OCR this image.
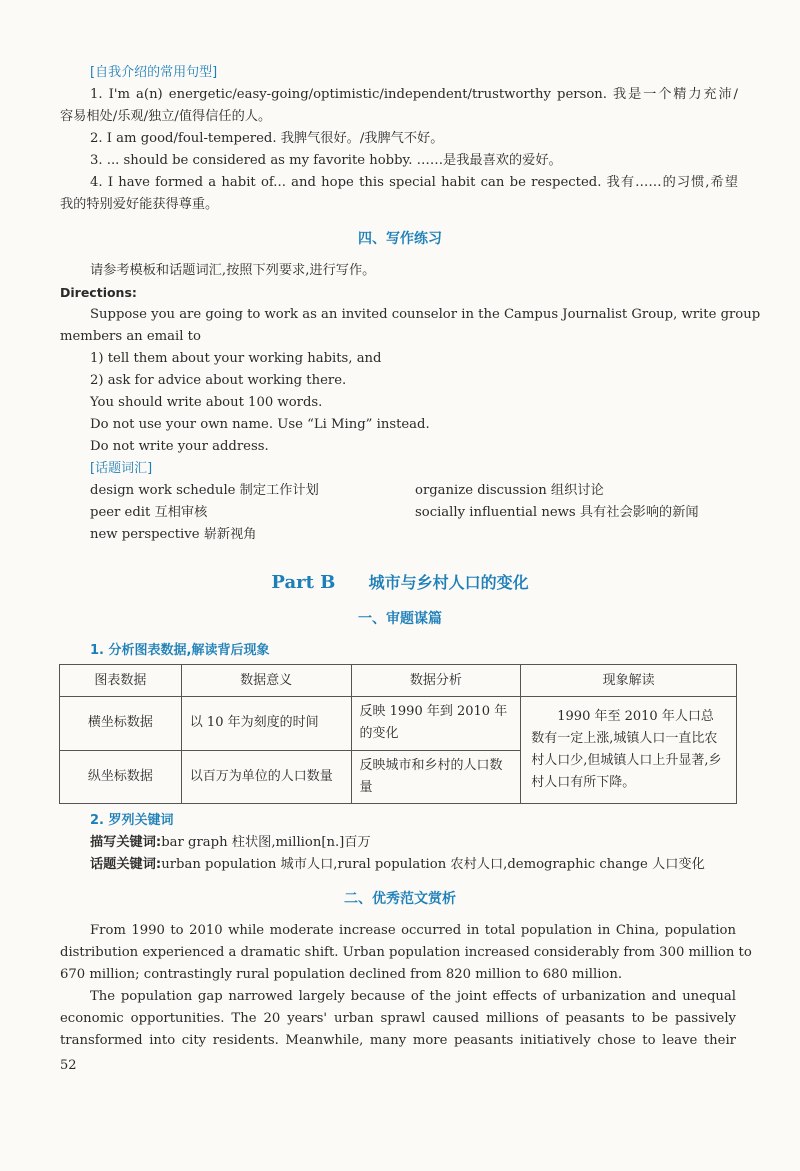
[自我介绍的常用句型]
1. I'm a(n) energetic/easy-going/optimistic/independent/trustworthy person. 我是一个精力充沛/
容易相处/乐观/独立/值得信任的人。
2. I am good/foul-tempered. 我脾气很好。/我脾气不好。
3. ... should be considered as my favorite hobby. ……是我最喜欢的爱好。
4. I have formed a habit of... and hope this special habit can be respected. 我有……的习惯,希望
我的特别爱好能获得尊重。
四、写作练习
请参考模板和话题词汇,按照下列要求,进行写作。
Directions:
Suppose you are going to work as an invited counselor in the Campus Journalist Group, write group
members an email to
1) tell them about your working habits, and
2) ask for advice about working there.
You should write about 100 words.
Do not use your own name. Use “Li Ming” instead.
Do not write your address.
[话题词汇]
design work schedule 制定工作计划	organize discussion 组织讨论
peer edit 互相审核	socially influential news 具有社会影响的新闻
new perspective 崭新视角
Part B 城市与乡村人口的变化
一、审题谋篇
1. 分析图表数据,解读背后现象
图表数据	数据意义	数据分析	现象解读
横坐标数据	以 10 年为刻度的时间	反映 1990 年到 2010 年的变化	1990 年至 2010 年人口总数有一定上涨,城镇人口一直比农村人口少,但城镇人口上升显著,乡村人口有所下降。
纵坐标数据	以百万为单位的人口数量	反映城市和乡村的人口数量	
2. 罗列关键词
描写关键词:bar graph 柱状图,million[n.]百万
话题关键词:urban population 城市人口,rural population 农村人口,demographic change 人口变化
二、优秀范文赏析
From 1990 to 2010 while moderate increase occurred in total population in China, population
distribution experienced a dramatic shift. Urban population increased considerably from 300 million to
670 million; contrastingly rural population declined from 820 million to 680 million.
The population gap narrowed largely because of the joint effects of urbanization and unequal
economic opportunities. The 20 years' urban sprawl caused millions of peasants to be passively
transformed into city residents. Meanwhile, many more peasants initiatively chose to leave their
52
